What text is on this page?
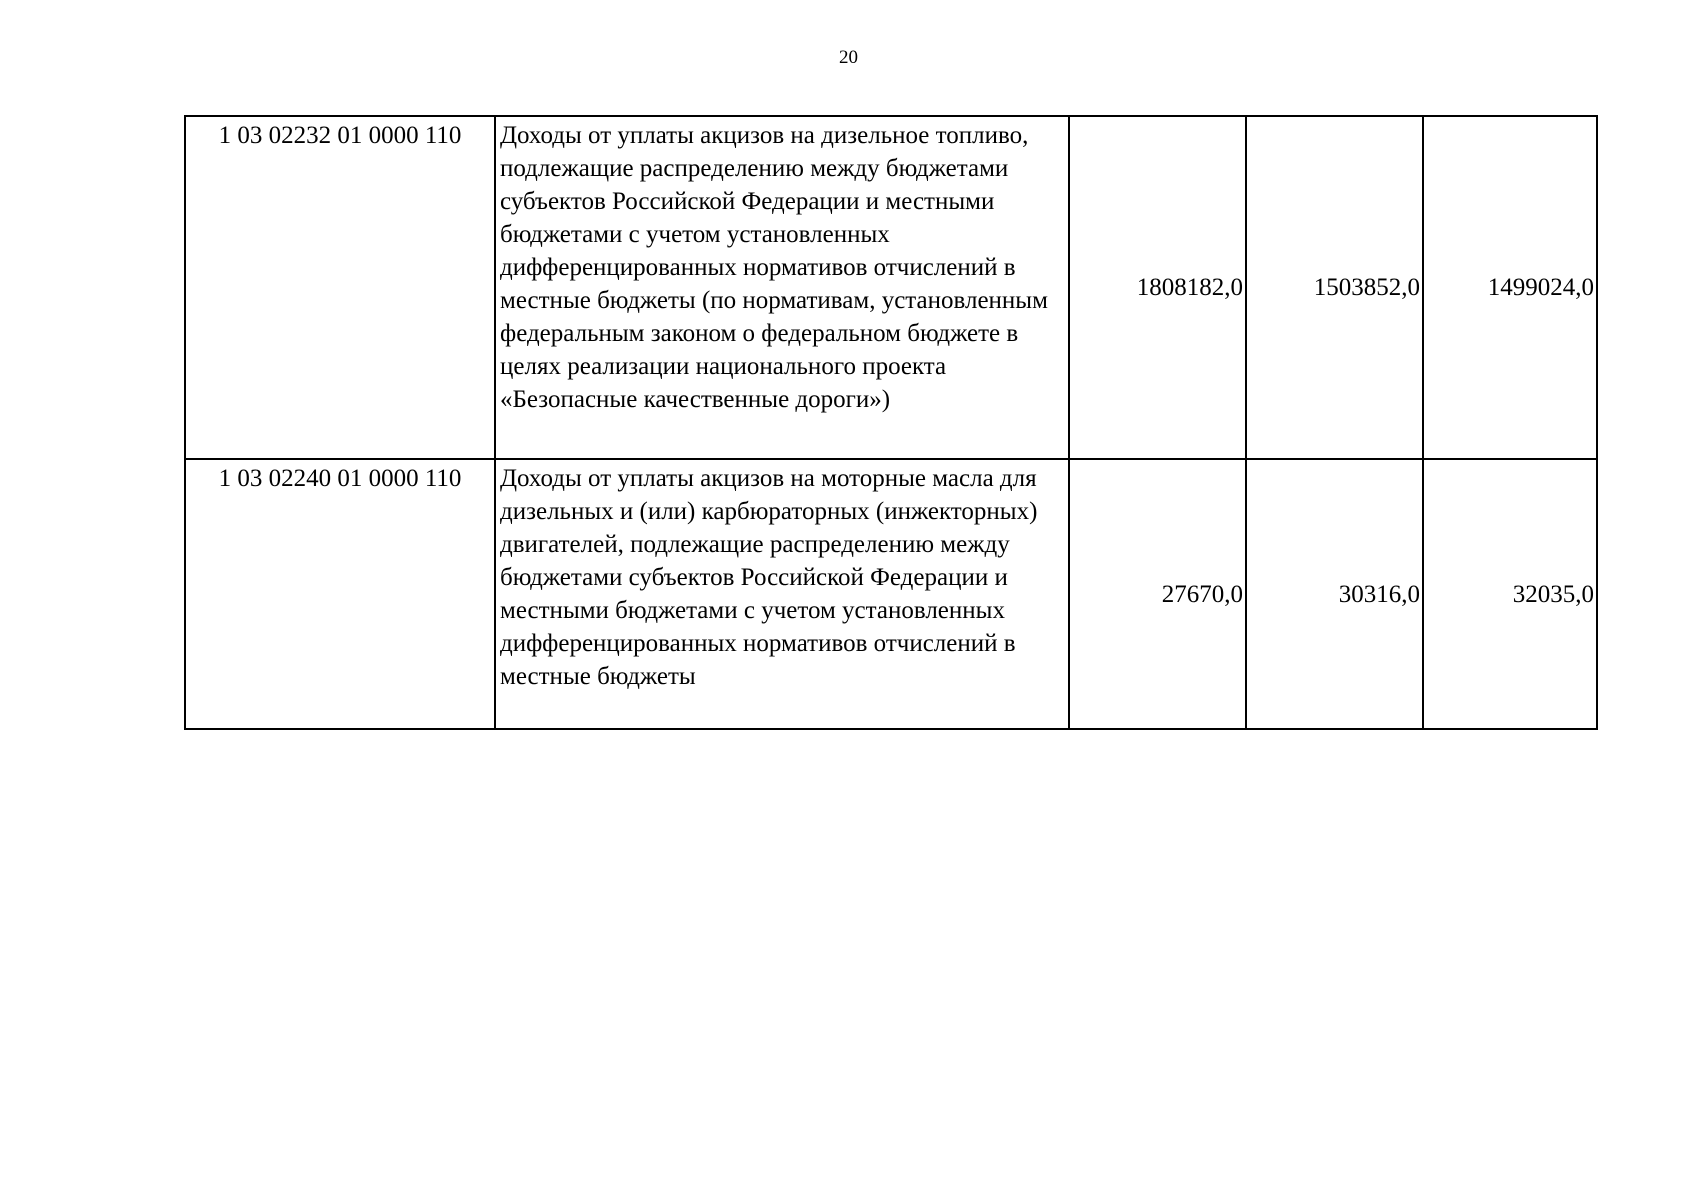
20
1 03 02232 01 0000 110	Доходы от уплаты акцизов на дизельное топливо, подлежащие распределению между бюджетами субъектов Российской Федерации и местными бюджетами с учетом установленных дифференцированных нормативов отчислений в местные бюджеты (по нормативам, установленным федеральным законом о федеральном бюджете в целях реализации национального проекта «Безопасные качественные дороги»)	1808182,0	1503852,0	1499024,0
1 03 02240 01 0000 110	Доходы от уплаты акцизов на моторные масла для дизельных и (или) карбюраторных (инжекторных) двигателей, подлежащие распределению между бюджетами субъектов Российской Федерации и местными бюджетами с учетом установленных дифференцированных нормативов отчислений в местные бюджеты	27670,0	30316,0	32035,0
